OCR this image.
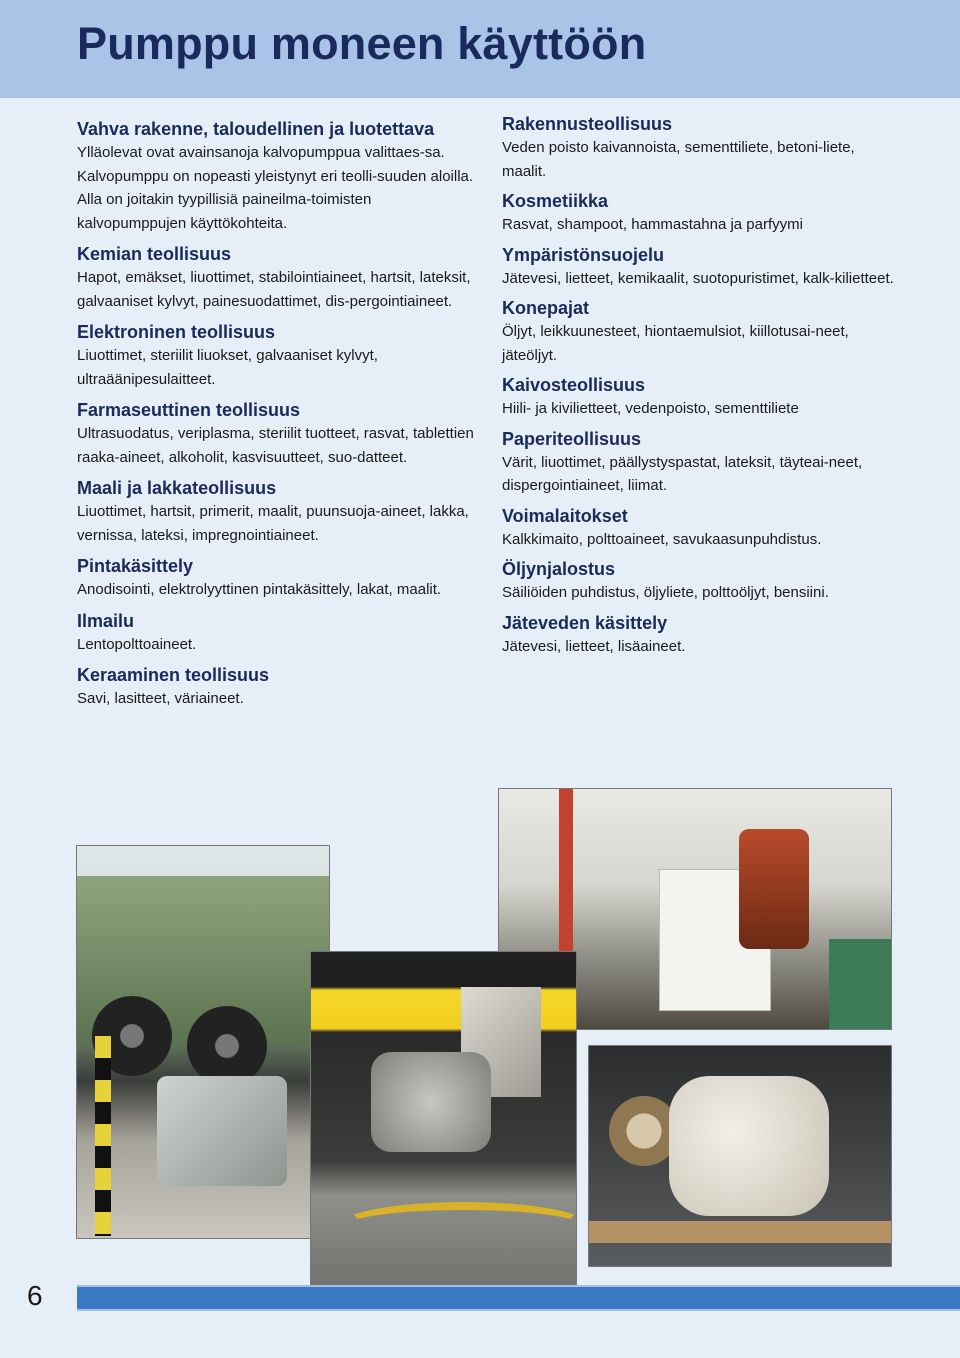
Pumppu moneen käyttöön
Vahva rakenne, taloudellinen ja luotettava

Ylläolevat ovat avainsanoja kalvopumppua valittaes-sa. Kalvopumppu on nopeasti yleistynyt eri teolli-suuden aloilla. Alla on joitakin tyypillisiä paineilma-toimisten kalvopumppujen käyttökohteita.

Kemian teollisuus

Hapot, emäkset, liuottimet, stabilointiaineet, hartsit, lateksit, galvaaniset kylvyt, painesuodattimet, dis-pergointiaineet.

Elektroninen teollisuus

Liuottimet, steriilit liuokset, galvaaniset kylvyt, ultraäänipesulaitteet.

Farmaseuttinen teollisuus

Ultrasuodatus, veriplasma, steriilit tuotteet, rasvat, tablettien raaka-aineet, alkoholit, kasvisuutteet, suo-datteet.

Maali ja lakkateollisuus

Liuottimet, hartsit, primerit, maalit, puunsuoja-aineet, lakka, vernissa, lateksi, impregnointiaineet.

Pintakäsittely

Anodisointi, elektrolyyttinen pintakäsittely, lakat, maalit.

Ilmailu

Lentopolttoaineet.

Keraaminen teollisuus

Savi, lasitteet, väriaineet.

Rakennusteollisuus

Veden poisto kaivannoista, sementtiliete, betoni-liete, maalit.

Kosmetiikka

Rasvat, shampoot, hammastahna ja parfyymi

Ympäristönsuojelu

Jätevesi, lietteet, kemikaalit, suotopuristimet, kalk-kilietteet.

Konepajat

Öljyt, leikkuunesteet, hiontaemulsiot, kiillotusai-neet, jäteöljyt.

Kaivosteollisuus

Hiili- ja kivilietteet, vedenpoisto, sementtiliete

Paperiteollisuus

Värit, liuottimet, päällystyspastat, lateksit, täyteai-neet, dispergointiaineet, liimat.

Voimalaitokset

Kalkkimaito, polttoaineet, savukaasunpuhdistus.

Öljynjalostus

Säiliöiden puhdistus, öljyliete, polttoöljyt, bensiini.

Jäteveden käsittely

Jätevesi, lietteet, lisäaineet.

6
